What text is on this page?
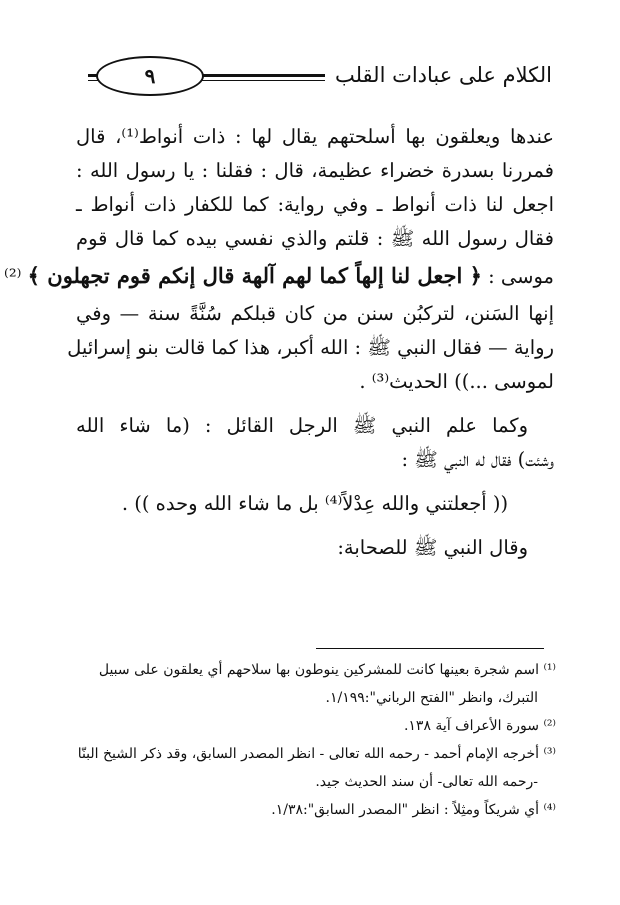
الكلام على عبادات القلب
٩
عندها ويعلقون بها أسلحتهم يقال لها : ذات أنواط⁽¹⁾، قال
فمررنا بسدرة خضراء عظيمة، قال : فقلنا : يا رسول الله :
اجعل لنا ذات أنواط ـ وفي رواية: كما للكفار ذات أنواط ـ
فقال رسول الله ﷺ : قلتم والذي نفسي بيده كما قال قوم
موسى : ﴿ اجعل لنا إلهاً كما لهم آلهة قال إنكم قوم تجهلون ﴾ ⁽²⁾
إنها السَنن، لتركبُن سنن من كان قبلكم سُنَّةً سنة — وفي
رواية — فقال النبي ﷺ : الله أكبر، هذا كما قالت بنو إسرائيل
لموسى ...)) الحديث⁽³⁾ .
وكما علم النبي ﷺ الرجل القائل : (ما شاء الله
وشئت) فقال له النبي ﷺ :
(( أجعلتني والله عِدْلاً⁽⁴⁾ بل ما شاء الله وحده )) .
وقال النبي ﷺ للصحابة:
⁽¹⁾ اسم شجرة بعينها كانت للمشركين ينوطون بها سلاحهم أي يعلقون على سبيل
التبرك، وانظر "الفتح الرباني":١/١٩٩.
⁽²⁾ سورة الأعراف آية ١٣٨.
⁽³⁾ أخرجه الإمام أحمد - رحمه الله تعالى - انظر المصدر السابق، وقد ذكر الشيخ البنّا
-رحمه الله تعالى- أن سند الحديث جيد.
⁽⁴⁾ أي شريكاً ومثِلاً : انظر "المصدر السابق":١/٣٨.
